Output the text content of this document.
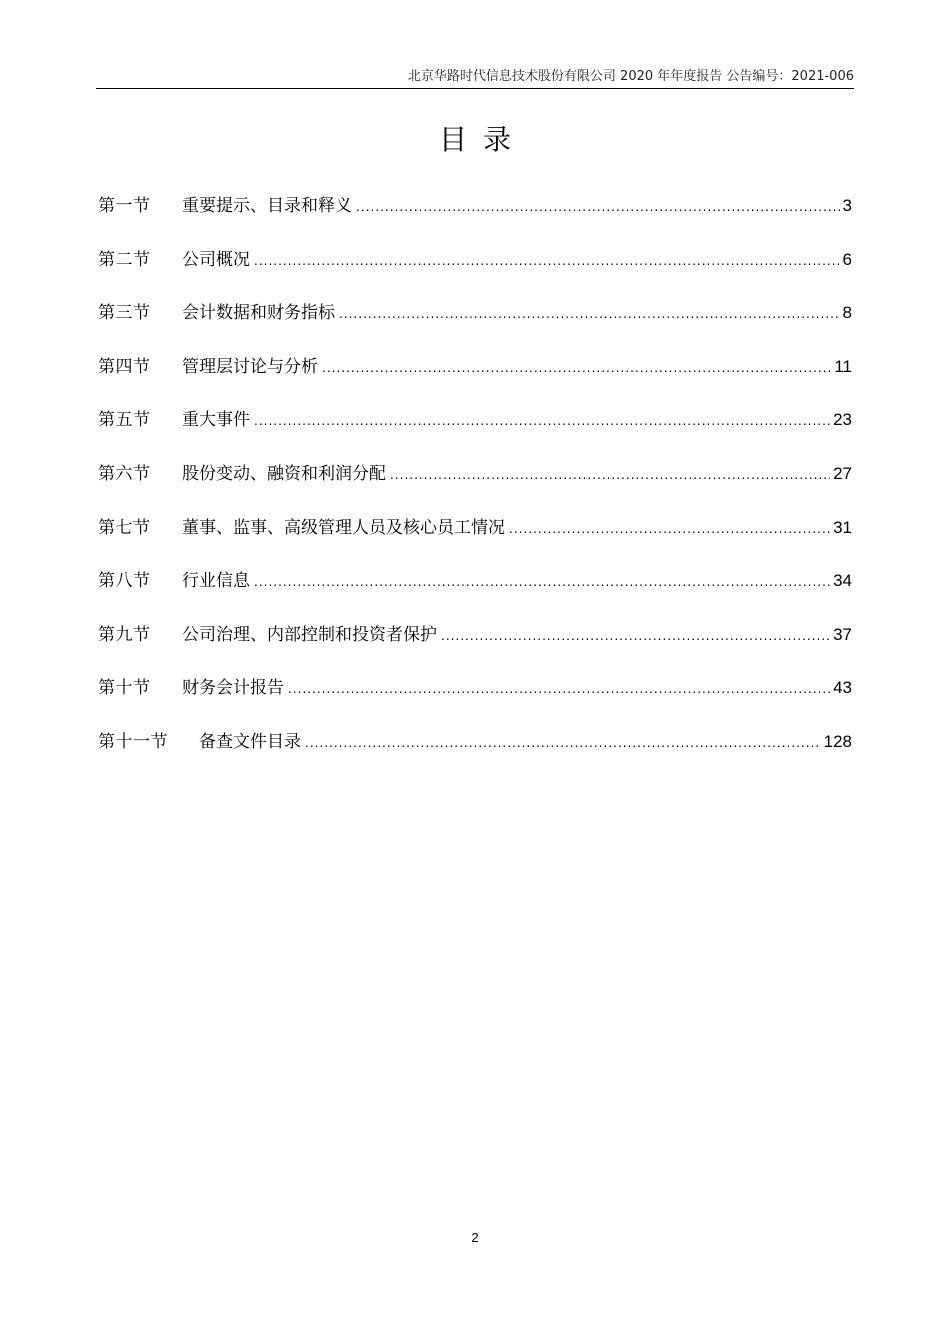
北京华路时代信息技术股份有限公司 2020 年年度报告 公告编号：2021-006
目录
第一节	重要提示、目录和释义 .....	3
第二节	公司概况 .....	6
第三节	会计数据和财务指标 .....	8
第四节	管理层讨论与分析 .....	11
第五节	重大事件 .....	23
第六节	股份变动、融资和利润分配 .....	27
第七节	董事、监事、高级管理人员及核心员工情况 .....	31
第八节	行业信息 .....	34
第九节	公司治理、内部控制和投资者保护 .....	37
第十节	财务会计报告 .....	43
第十一节	备查文件目录 .....	128
2
